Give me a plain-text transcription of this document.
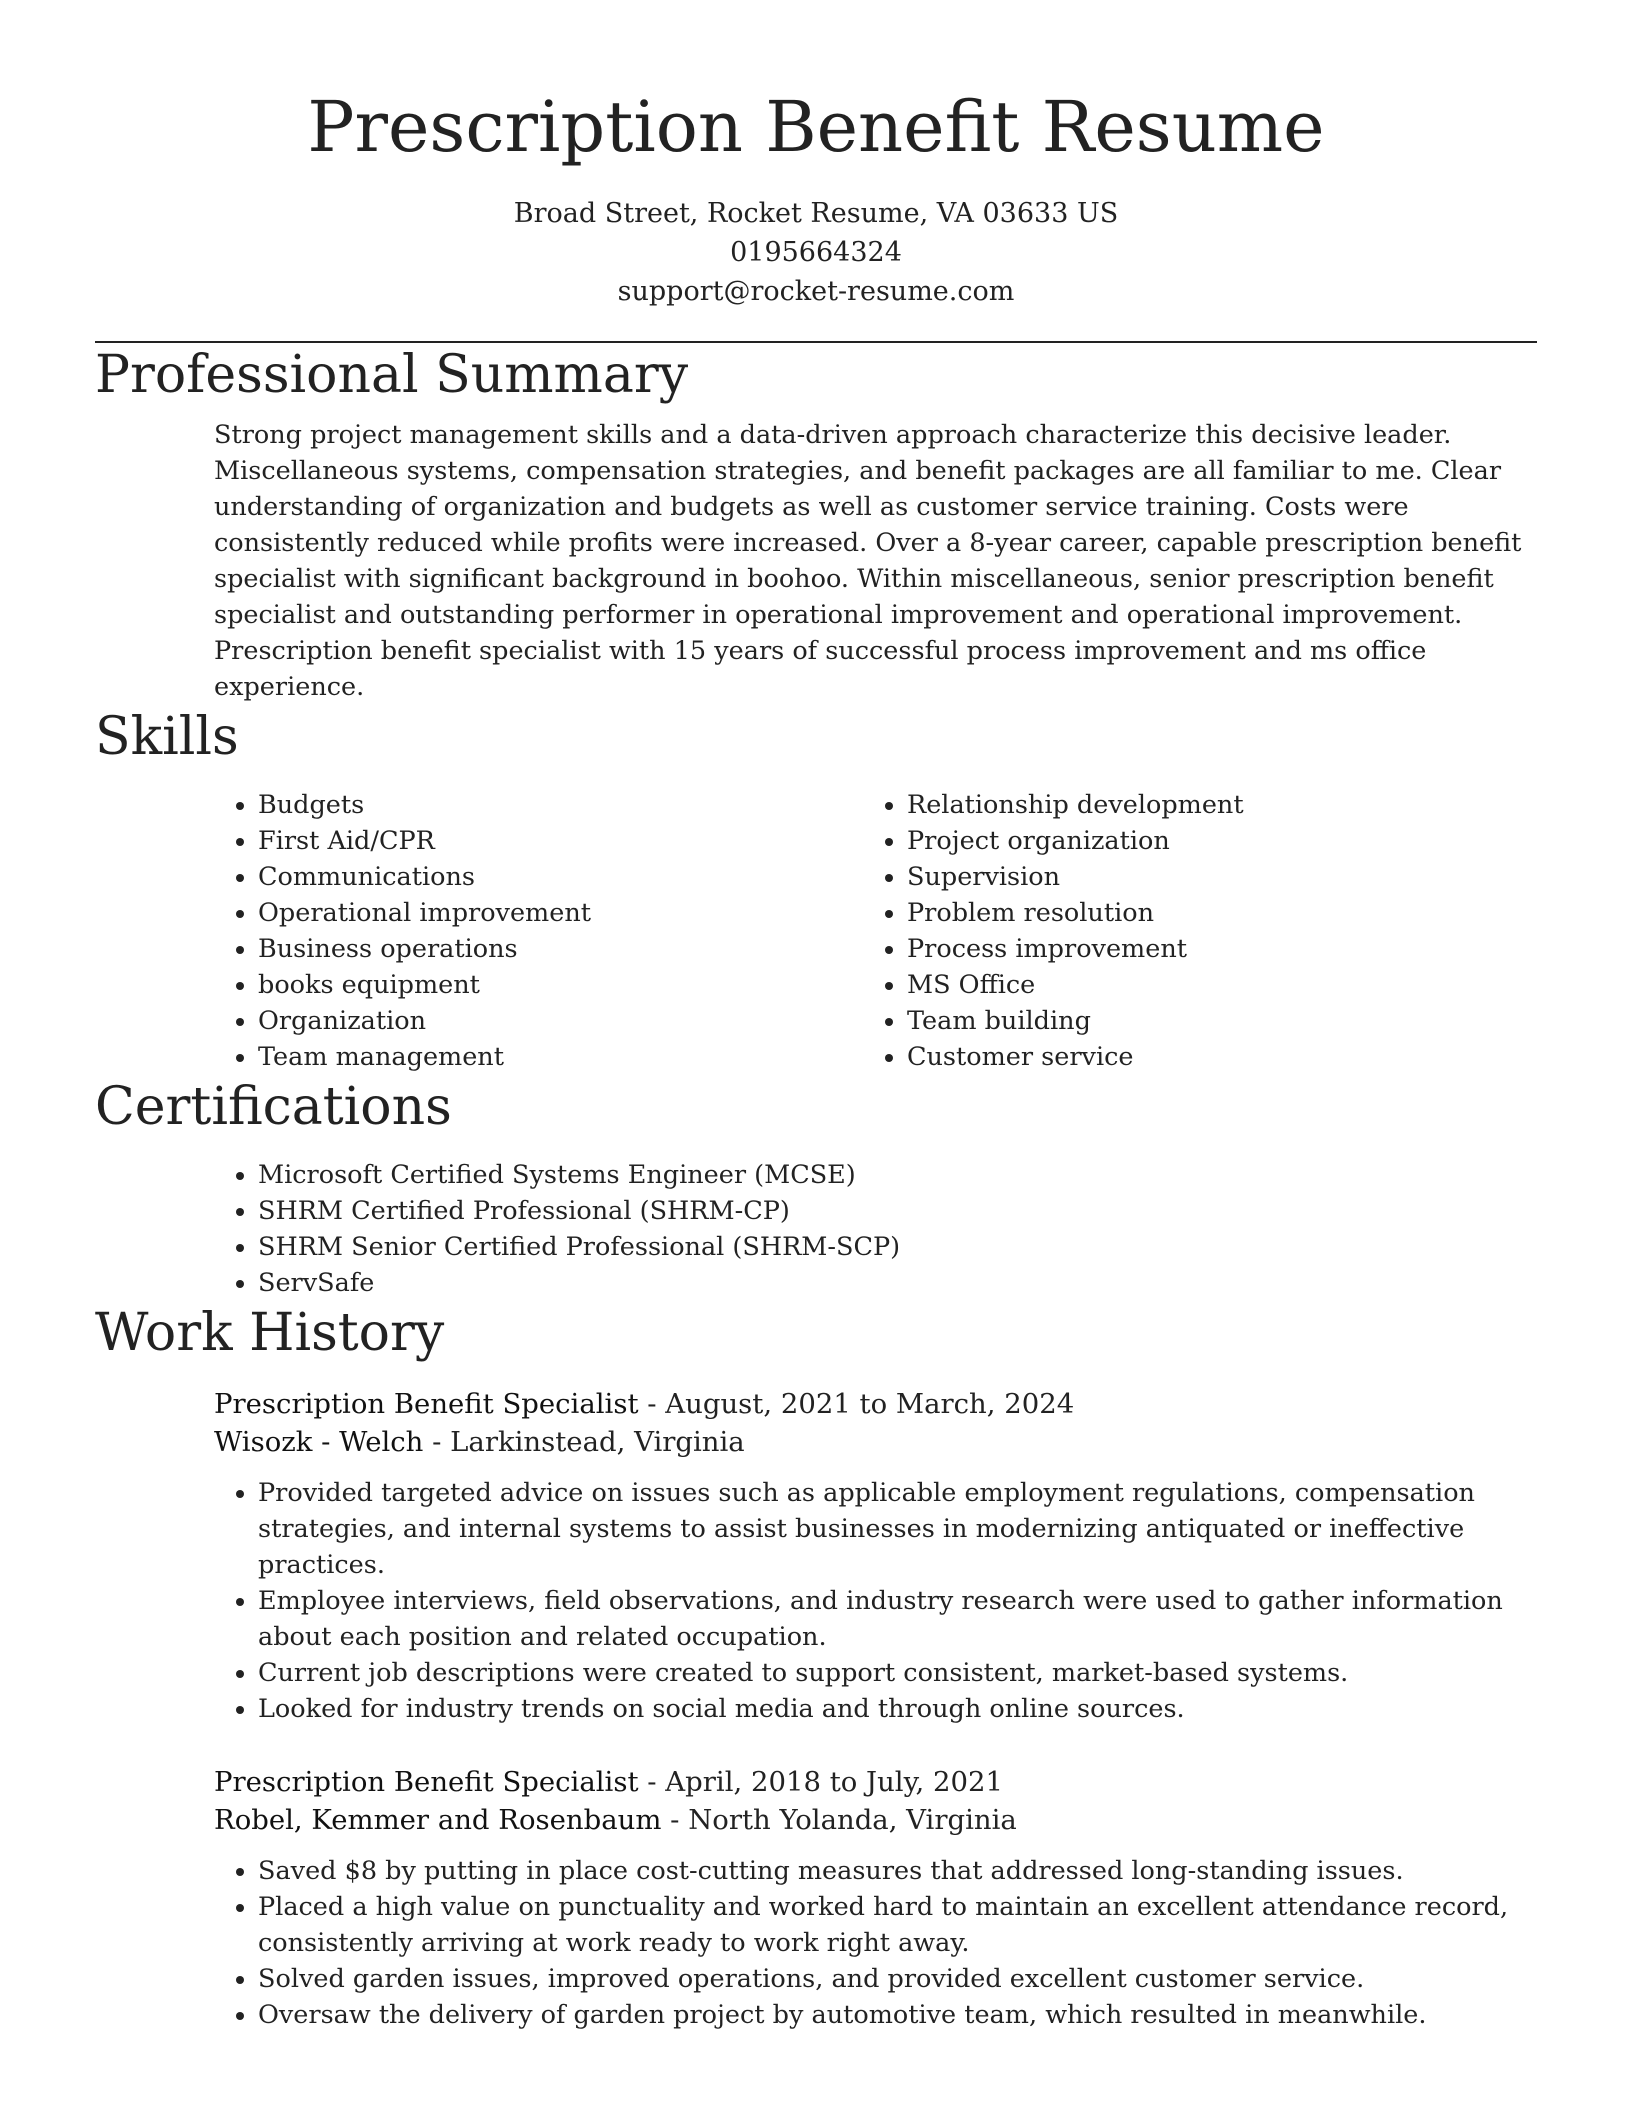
Prescription Benefit Resume
Broad Street, Rocket Resume, VA 03633 US
0195664324
support@rocket-resume.com
Professional Summary
Strong project management skills and a data-driven approach characterize this decisive leader. Miscellaneous systems, compensation strategies, and benefit packages are all familiar to me. Clear understanding of organization and budgets as well as customer service training. Costs were consistently reduced while profits were increased. Over a 8-year career, capable prescription benefit specialist with significant background in boohoo. Within miscellaneous, senior prescription benefit specialist and outstanding performer in operational improvement and operational improvement. Prescription benefit specialist with 15 years of successful process improvement and ms office experience.
Skills
• Budgets
• First Aid/CPR
• Communications
• Operational improvement
• Business operations
• books equipment
• Organization
• Team management
• Relationship development
• Project organization
• Supervision
• Problem resolution
• Process improvement
• MS Office
• Team building
• Customer service
Certifications
• Microsoft Certified Systems Engineer (MCSE)
• SHRM Certified Professional (SHRM-CP)
• SHRM Senior Certified Professional (SHRM-SCP)
• ServSafe
Work History
Prescription Benefit Specialist - August, 2021 to March, 2024
Wisozk - Welch - Larkinstead, Virginia
• Provided targeted advice on issues such as applicable employment regulations, compensation strategies, and internal systems to assist businesses in modernizing antiquated or ineffective practices.
• Employee interviews, field observations, and industry research were used to gather information about each position and related occupation.
• Current job descriptions were created to support consistent, market-based systems.
• Looked for industry trends on social media and through online sources.
Prescription Benefit Specialist - April, 2018 to July, 2021
Robel, Kemmer and Rosenbaum - North Yolanda, Virginia
• Saved $8 by putting in place cost-cutting measures that addressed long-standing issues.
• Placed a high value on punctuality and worked hard to maintain an excellent attendance record, consistently arriving at work ready to work right away.
• Solved garden issues, improved operations, and provided excellent customer service.
• Oversaw the delivery of garden project by automotive team, which resulted in meanwhile.
